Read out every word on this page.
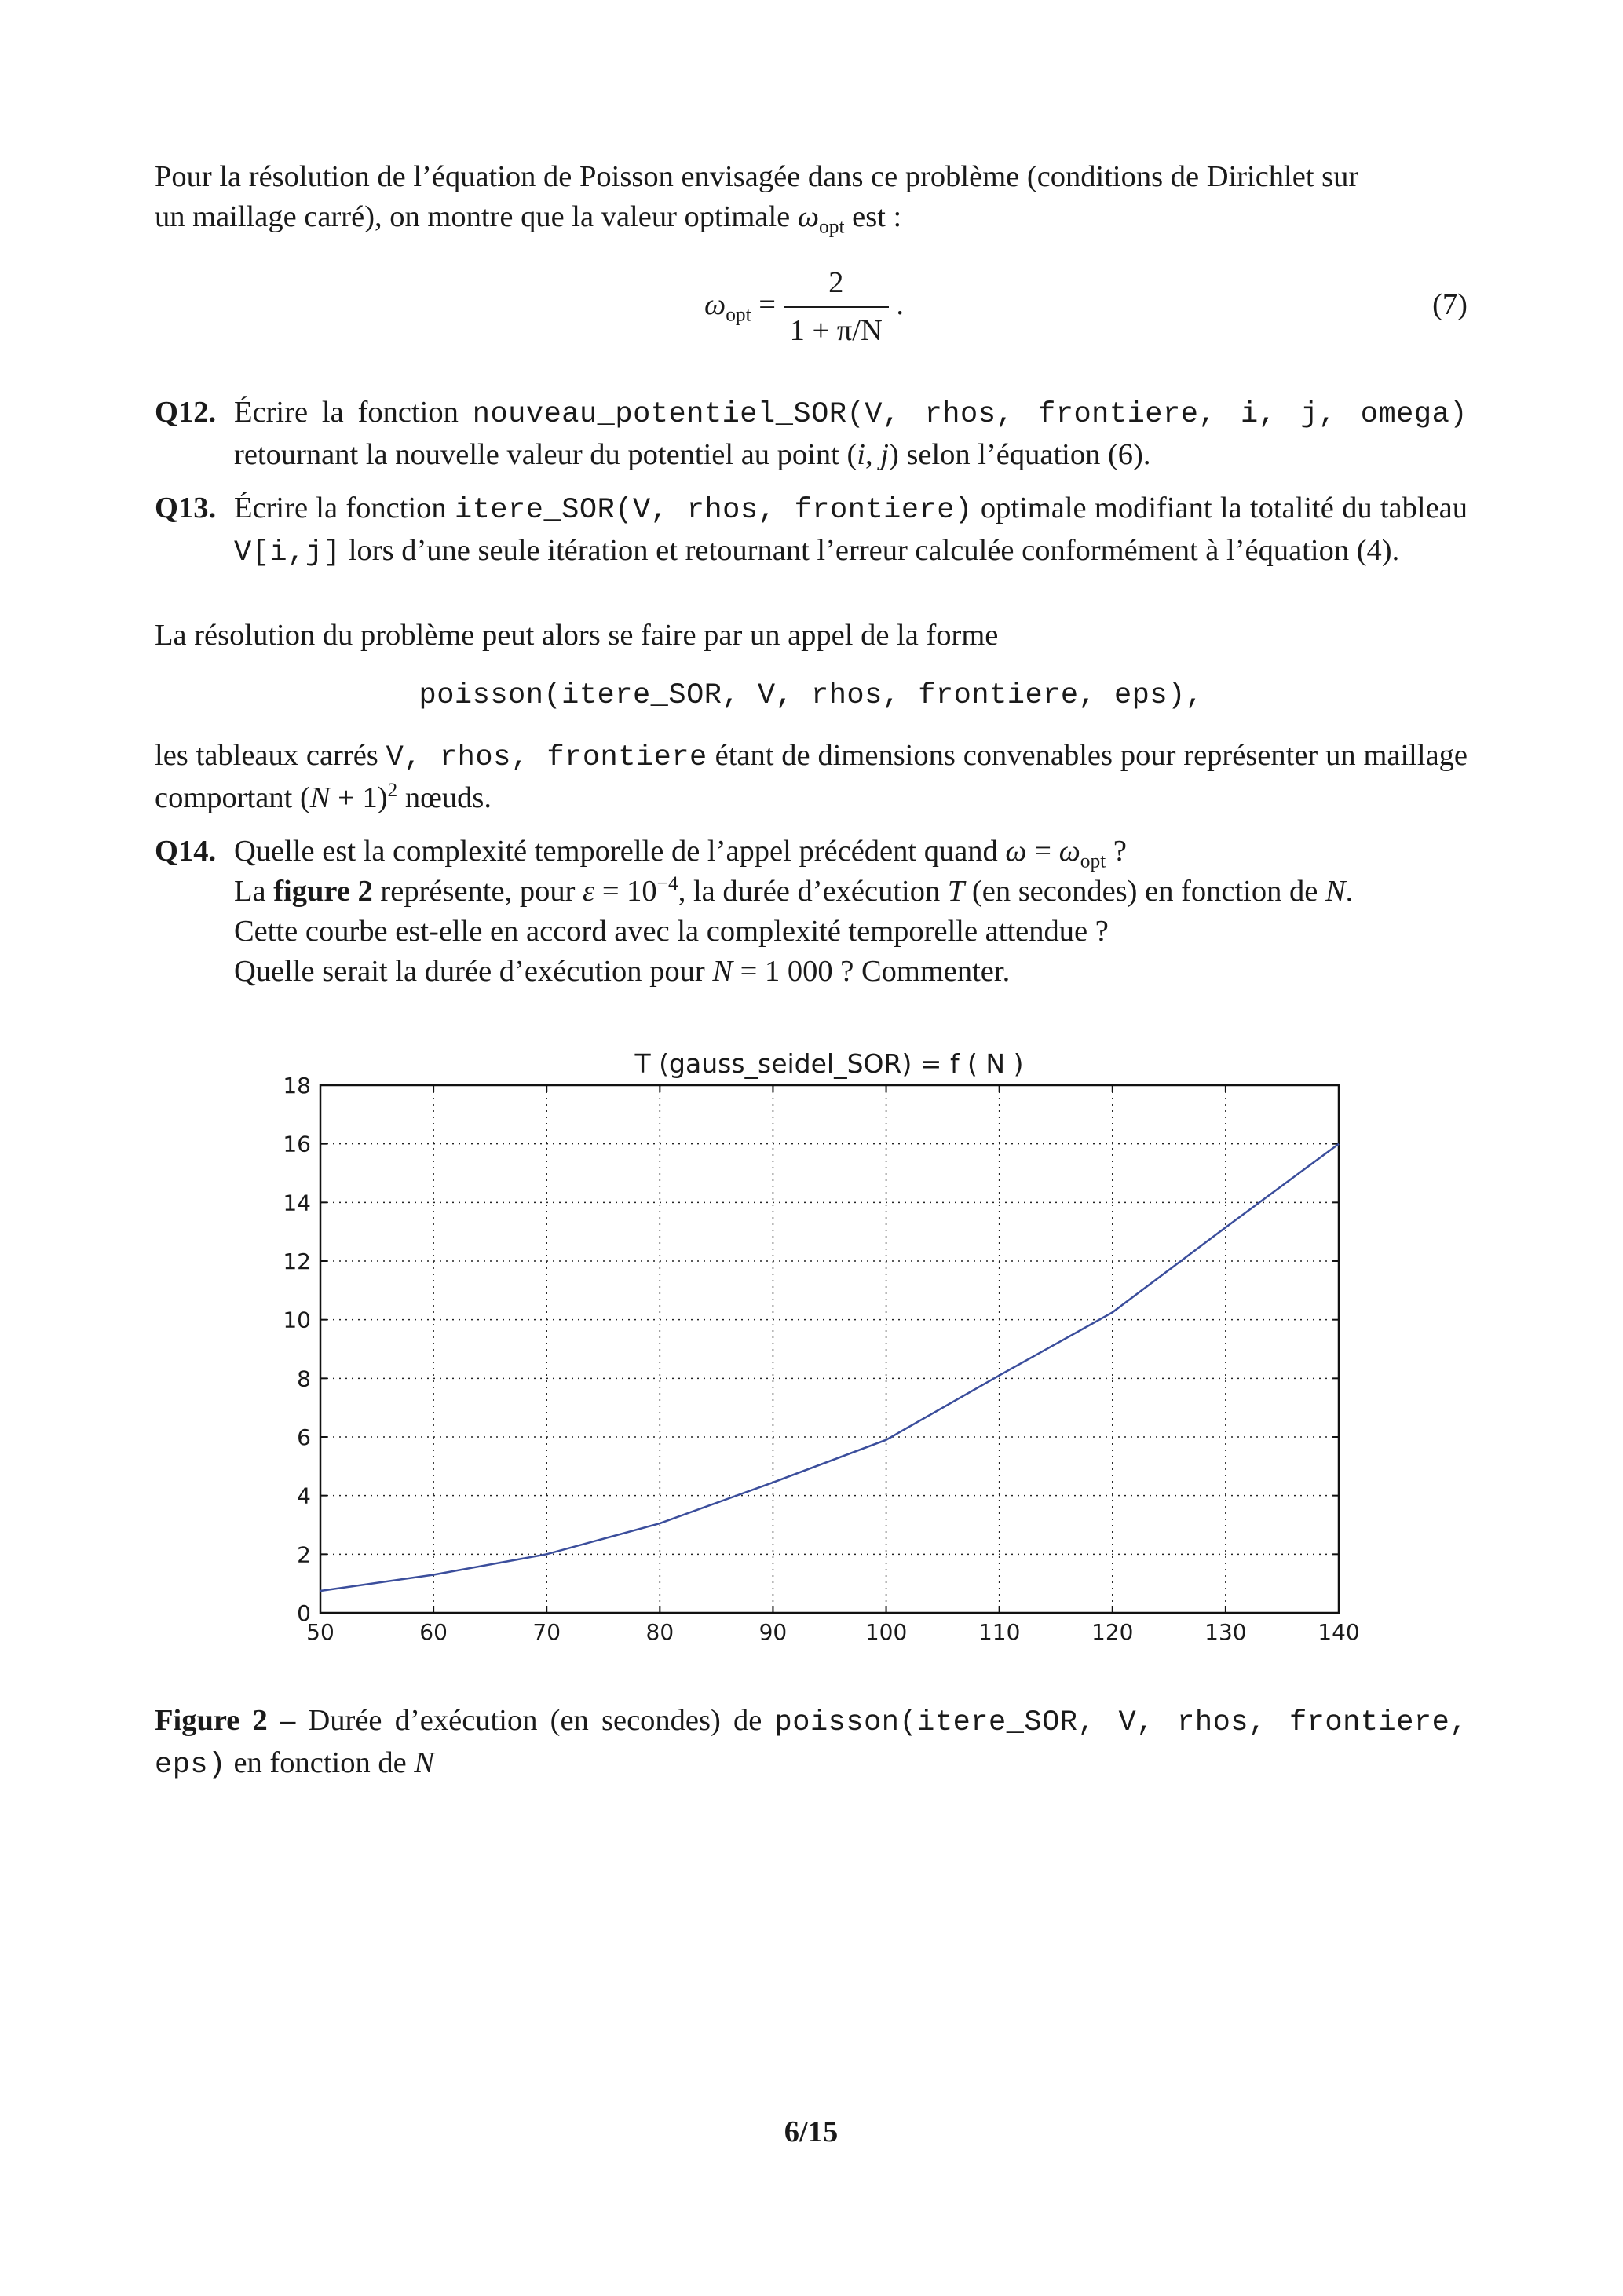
Pour la résolution de l’équation de Poisson envisagée dans ce problème (conditions de Dirichlet sur
un maillage carré), on montre que la valeur optimale $\omega_{opt}$ est :
$\omega_{opt} = \frac{2}{1 + \pi/N}$ .	(7)
Q12. Écrire la fonction nouveau_potentiel_SOR(V, rhos, frontiere, i, j, omega) retournant la nouvelle valeur du potentiel au point (i, j) selon l’équation (6).
Q13. Écrire la fonction itere_SOR(V, rhos, frontiere) optimale modifiant la totalité du tableau V[i,j] lors d’une seule itération et retournant l’erreur calculée conformément à l’équation (4).
La résolution du problème peut alors se faire par un appel de la forme
poisson(itere_SOR, V, rhos, frontiere, eps),
les tableaux carrés V, rhos, frontiere étant de dimensions convenables pour représenter un maillage comportant $(N + 1)^2$ nœuds.
Q14. Quelle est la complexité temporelle de l’appel précédent quand $\omega = \omega_{opt}$ ?
La figure 2 représente, pour $\varepsilon = 10^{-4}$, la durée d’exécution T (en secondes) en fonction de N.
Cette courbe est-elle en accord avec la complexité temporelle attendue ?
Quelle serait la durée d’exécution pour N = 1 000 ? Commenter.
T (gauss_seidel_SOR) = f ( N )
50	60	70	80	90	100	110	120	130	140
0
2
4
6
8
10
12
14
16
18
Figure 2 – Durée d’exécution (en secondes) de poisson(itere_SOR, V, rhos, frontiere, eps) en fonction de N
6/15
